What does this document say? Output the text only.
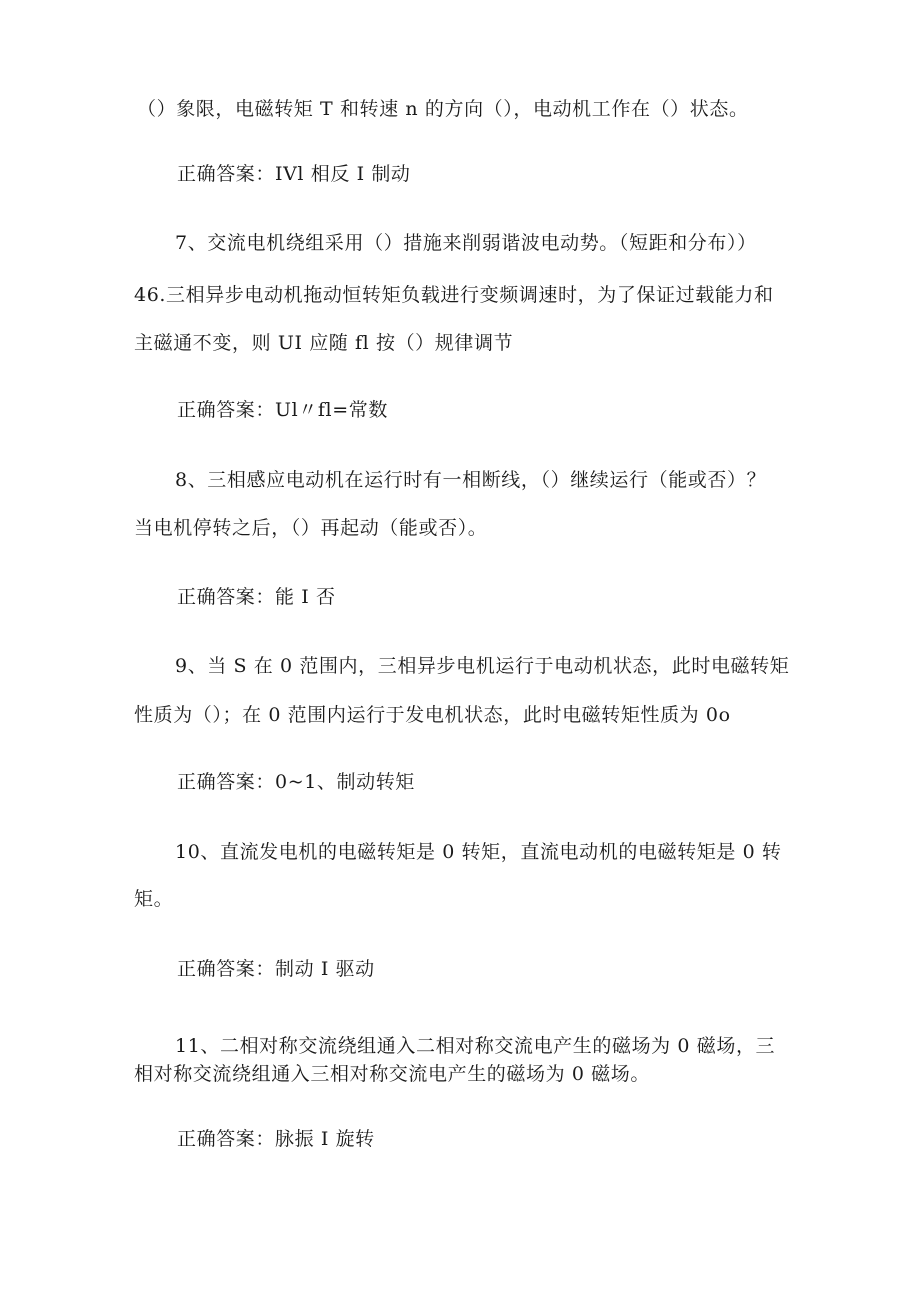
（）象限，电磁转矩 T 和转速 n 的方向（），电动机工作在（）状态。
正确答案：IVl 相反 I 制动
7、交流电机绕组采用（）措施来削弱谐波电动势。（短距和分布））
46.三相异步电动机拖动恒转矩负载进行变频调速时，为了保证过载能力和
主磁通不变，则 UI 应随 fl 按（）规律调节
正确答案：Ul〃fl=常数
8、三相感应电动机在运行时有一相断线，（）继续运行（能或否）？
当电机停转之后，（）再起动（能或否）。
正确答案：能 I 否
9、当 S 在 0 范围内，三相异步电机运行于电动机状态，此时电磁转矩
性质为（）；在 0 范围内运行于发电机状态，此时电磁转矩性质为 0o
正确答案：0~1、制动转矩
10、直流发电机的电磁转矩是 0 转矩，直流电动机的电磁转矩是 0 转
矩。
正确答案：制动 I 驱动
11、二相对称交流绕组通入二相对称交流电产生的磁场为 0 磁场，三
相对称交流绕组通入三相对称交流电产生的磁场为 0 磁场。
正确答案：脉振 I 旋转
